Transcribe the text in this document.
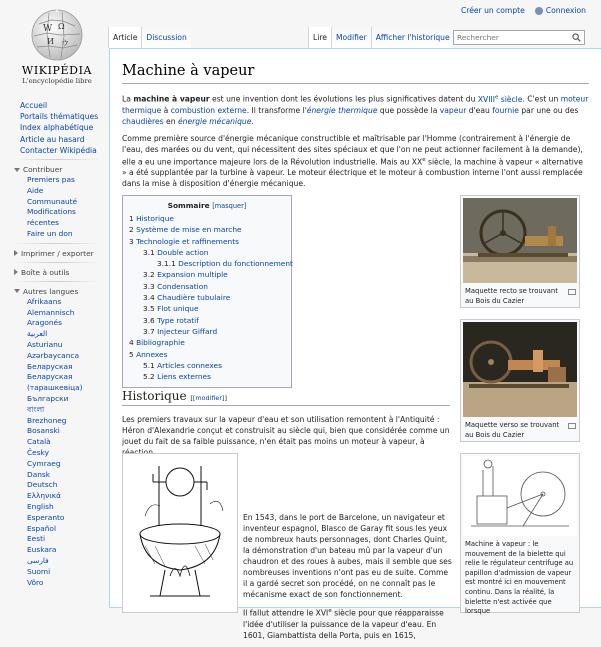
Créer un compte	Connexion
W Ω
И ウ
WIKIPÉDIA
L'encyclopédie libre
Article Discussion	Lire Modifier Afficher l'historique
Rechercher
Accueil
Portails thématiques
Index alphabétique
Article au hasard
Contacter Wikipédia
Contribuer
Premiers pas
Aide
Communauté
Modifications récentes
Faire un don
Imprimer / exporter
Boîte à outils
Autres langues
Afrikaans
Alemannisch
Aragonés
العربية
Asturianu
Azərbaycanca
Беларуская
Беларуская (тарашкевіца)
Български
বাংলা
Brezhoneg
Bosanski
Català
Česky
Cymraeg
Dansk
Deutsch
Ελληνικά
English
Esperanto
Español
Eesti
Euskara
فارسی
Suomi
Võro
Machine à vapeur

La machine à vapeur est une invention dont les évolutions les plus significatives datent du XVIIIe siècle. C'est un moteur thermique à combustion externe. Il transforme l'énergie thermique que possède la vapeur d'eau fournie par une ou des chaudières en énergie mécanique.

Comme première source d'énergie mécanique constructible et maîtrisable par l'Homme (contrairement à l'énergie de l'eau, des marées ou du vent, qui nécessitent des sites spéciaux et que l'on ne peut actionner facilement à la demande), elle a eu une importance majeure lors de la Révolution industrielle. Mais au XXe siècle, la machine à vapeur « alternative » a été supplantée par la turbine à vapeur. Le moteur électrique et le moteur à combustion interne l'ont aussi remplacée dans la mise à disposition d'énergie mécanique.

Sommaire [masquer]
1 Historique
2 Système de mise en marche
3 Technologie et raffinements
3.1 Double action
3.1.1 Description du fonctionnement
3.2 Expansion multiple
3.3 Condensation
3.4 Chaudière tubulaire
3.5 Flot unique
3.6 Type rotatif
3.7 Injecteur Giffard
4 Bibliographie
5 Annexes
5.1 Articles connexes
5.2 Liens externes
Historique [[modifier]]

Les premiers travaux sur la vapeur d'eau et son utilisation remontent à l'Antiquité : Héron d'Alexandrie conçut et construisit au siècle qui, bien que considérée comme un jouet du fait de sa faible puissance, n'en était pas moins un moteur à vapeur, à

En 1543, dans le port de Barcelone, un navigateur et inventeur espagnol, Blasco de Garay fit sous les yeux de nombreux hauts personnages, dont Charles Quint, la démonstration d'un bateau mû par la vapeur d'un chaudron et des roues à aubes, mais il semble que ses nombreuses inventions n'ont pas eu de suite. Comme il a gardé secret son procédé, on ne connaît pas le mécanisme exact de son fonctionnement.

Il fallut attendre le XVIe siècle pour que réapparaisse l'idée d'utiliser la puissance de la vapeur d'eau. En 1601, Giambattista della Porta, puis en 1615,

Maquette recto se trouvant au Bois du Cazier
Maquette verso se trouvant au Bois du Cazier
Machine à vapeur : le mouvement de la bielette qui relie le régulateur centrifuge au papillon d'admission de vapeur est montré ici en mouvement continu. Dans la réalité, la bielette n'est activée que lorsque
